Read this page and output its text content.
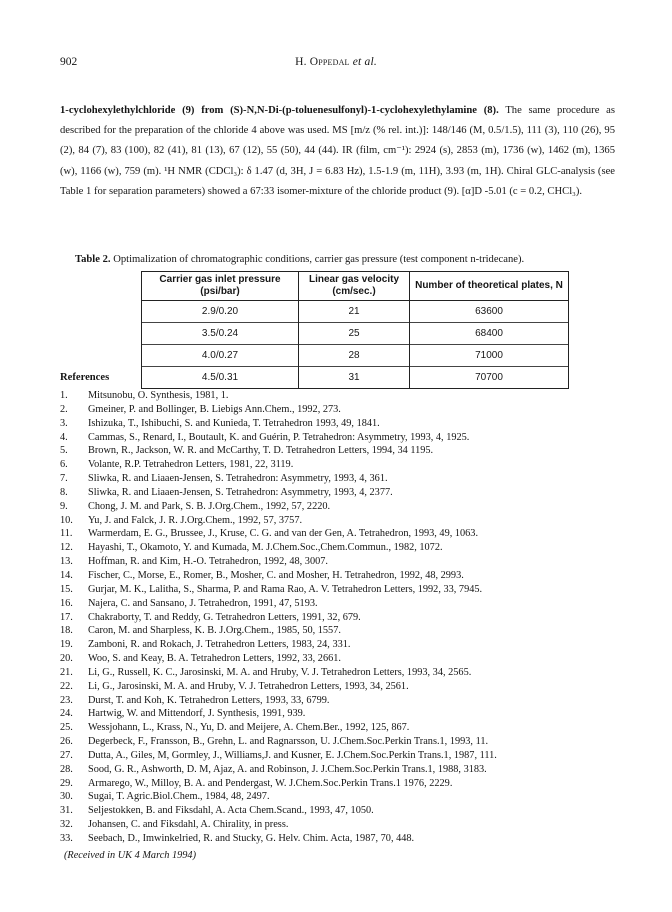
902	H. Oppedal et al.
1-cyclohexylethylchloride (9) from (S)-N,N-Di-(p-toluenesulfonyl)-1-cyclohexylethylamine (8). The same procedure as described for the preparation of the chloride 4 above was used. MS [m/z (% rel. int.)]: 148/146 (M, 0.5/1.5), 111 (3), 110 (26), 95 (2), 84 (7), 83 (100), 82 (41), 81 (13), 67 (12), 55 (50), 44 (44). IR (film, cm⁻¹): 2924 (s), 2853 (m), 1736 (w), 1462 (m), 1365 (w), 1166 (w), 759 (m). ¹H NMR (CDCl₃): δ 1.47 (d, 3H, J = 6.83 Hz), 1.5-1.9 (m, 11H), 3.93 (m, 1H). Chiral GLC-analysis (see Table 1 for separation parameters) showed a 67:33 isomer-mixture of the chloride product (9). [α]D -5.01 (c = 0.2, CHCl₃).
Table 2. Optimalization of chromatographic conditions, carrier gas pressure (test component n-tridecane).
Carrier gas inlet pressure (psi/bar)	Linear gas velocity (cm/sec.)	Number of theoretical plates, N
2.9/0.20	21	63600
3.5/0.24	25	68400
4.0/0.27	28	71000
4.5/0.31	31	70700
References
1.	Mitsunobu, O. Synthesis, 1981, 1.
2.	Gmeiner, P. and Bollinger, B. Liebigs Ann.Chem., 1992, 273.
3.	Ishizuka, T., Ishibuchi, S. and Kunieda, T. Tetrahedron 1993, 49, 1841.
4.	Cammas, S., Renard, I., Boutault, K. and Guérin, P. Tetrahedron: Asymmetry, 1993, 4, 1925.
5.	Brown, R., Jackson, W. R. and McCarthy, T. D. Tetrahedron Letters, 1994, 34 1195.
6.	Volante, R.P. Tetrahedron Letters, 1981, 22, 3119.
7.	Sliwka, R. and Liaaen-Jensen, S. Tetrahedron: Asymmetry, 1993, 4, 361.
8.	Sliwka, R. and Liaaen-Jensen, S. Tetrahedron: Asymmetry, 1993, 4, 2377.
9.	Chong, J. M. and Park, S. B. J.Org.Chem., 1992, 57, 2220.
10.	Yu, J. and Falck, J. R. J.Org.Chem., 1992, 57, 3757.
11.	Warmerdam, E. G., Brussee, J., Kruse, C. G. and van der Gen, A. Tetrahedron, 1993, 49, 1063.
12.	Hayashi, T., Okamoto, Y. and Kumada, M. J.Chem.Soc.,Chem.Commun., 1982, 1072.
13.	Hoffman, R. and Kim, H.-O. Tetrahedron, 1992, 48, 3007.
14.	Fischer, C., Morse, E., Romer, B., Mosher, C. and Mosher, H. Tetrahedron, 1992, 48, 2993.
15.	Gurjar, M. K., Lalitha, S., Sharma, P. and Rama Rao, A. V. Tetrahedron Letters, 1992, 33, 7945.
16.	Najera, C. and Sansano, J. Tetrahedron, 1991, 47, 5193.
17.	Chakraborty, T. and Reddy, G. Tetrahedron Letters, 1991, 32, 679.
18.	Caron, M. and Sharpless, K. B. J.Org.Chem., 1985, 50, 1557.
19.	Zamboni, R. and Rokach, J. Tetrahedron Letters, 1983, 24, 331.
20.	Woo, S. and Keay, B. A. Tetrahedron Letters, 1992, 33, 2661.
21.	Li, G., Russell, K. C., Jarosinski, M. A. and Hruby, V. J. Tetrahedron Letters, 1993, 34, 2565.
22.	Li, G., Jarosinski, M. A. and Hruby, V. J. Tetrahedron Letters, 1993, 34, 2561.
23.	Durst, T. and Koh, K. Tetrahedron Letters, 1993, 33, 6799.
24.	Hartwig, W. and Mittendorf, J. Synthesis, 1991, 939.
25.	Wessjohann, L., Krass, N., Yu, D. and Meijere, A. Chem.Ber., 1992, 125, 867.
26.	Degerbeck, F., Fransson, B., Grehn, L. and Ragnarsson, U. J.Chem.Soc.Perkin Trans.1, 1993, 11.
27.	Dutta, A., Giles, M, Gormley, J., Williams,J. and Kusner, E. J.Chem.Soc.Perkin Trans.1, 1987, 111.
28.	Sood, G. R., Ashworth, D. M, Ajaz, A. and Robinson, J. J.Chem.Soc.Perkin Trans.1, 1988, 3183.
29.	Armarego, W., Milloy, B. A. and Pendergast, W. J.Chem.Soc.Perkin Trans.1 1976, 2229.
30.	Sugai, T. Agric.Biol.Chem., 1984, 48, 2497.
31.	Seljestokken, B. and Fiksdahl, A. Acta Chem.Scand., 1993, 47, 1050.
32.	Johansen, C. and Fiksdahl, A. Chirality, in press.
33.	Seebach, D., Imwinkelried, R. and Stucky, G. Helv. Chim. Acta, 1987, 70, 448.
(Received in UK 4 March 1994)
